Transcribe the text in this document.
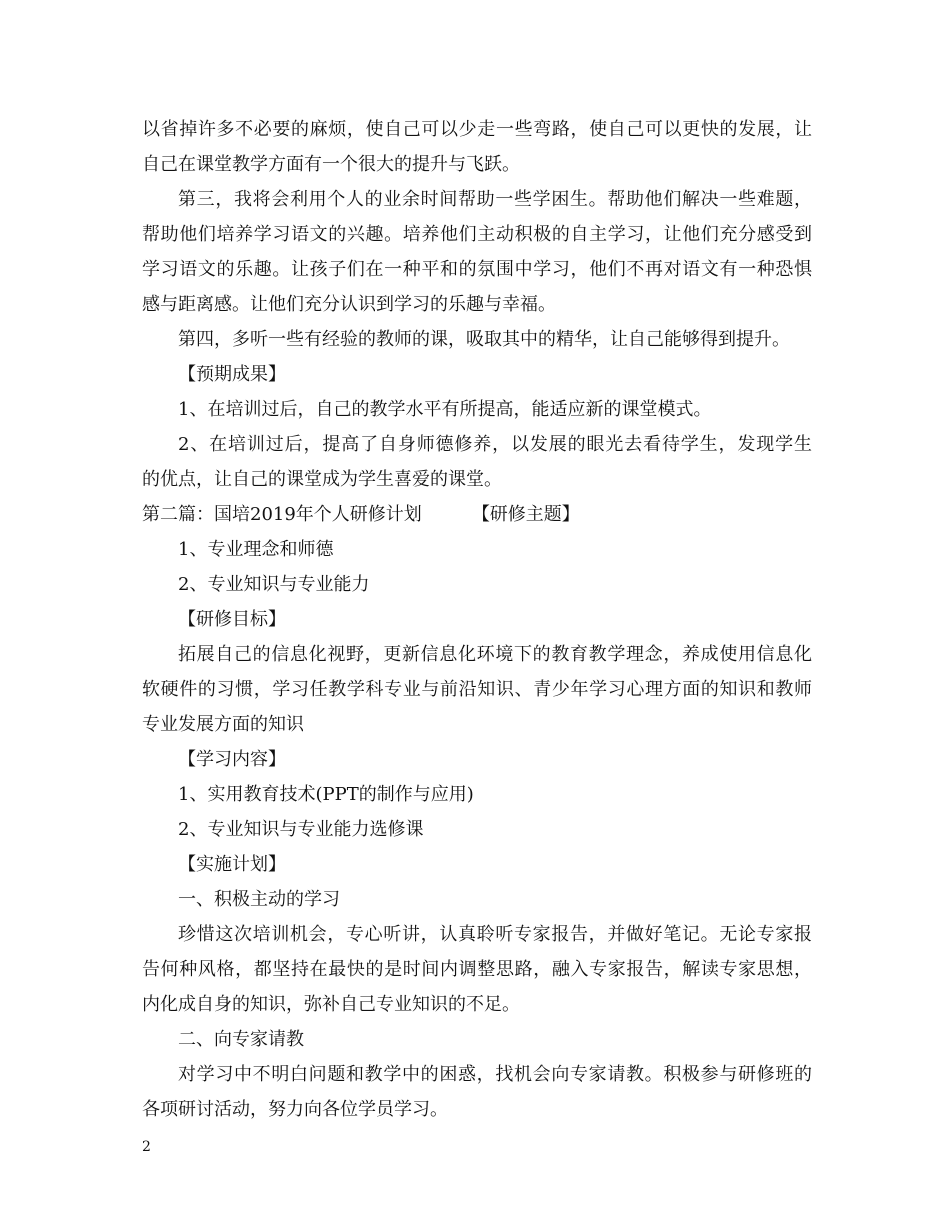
以省掉许多不必要的麻烦，使自己可以少走一些弯路，使自己可以更快的发展，让
自己在课堂教学方面有一个很大的提升与飞跃。
第三，我将会利用个人的业余时间帮助一些学困生。帮助他们解决一些难题，
帮助他们培养学习语文的兴趣。培养他们主动积极的自主学习，让他们充分感受到
学习语文的乐趣。让孩子们在一种平和的氛围中学习，他们不再对语文有一种恐惧
感与距离感。让他们充分认识到学习的乐趣与幸福。
第四，多听一些有经验的教师的课，吸取其中的精华，让自己能够得到提升。
【预期成果】
1、在培训过后，自己的教学水平有所提高，能适应新的课堂模式。
2、在培训过后，提高了自身师德修养，以发展的眼光去看待学生，发现学生
的优点，让自己的课堂成为学生喜爱的课堂。
第二篇：国培2019年个人研修计划	【研修主题】
1、专业理念和师德
2、专业知识与专业能力
【研修目标】
拓展自己的信息化视野，更新信息化环境下的教育教学理念，养成使用信息化
软硬件的习惯，学习任教学科专业与前沿知识、青少年学习心理方面的知识和教师
专业发展方面的知识
【学习内容】
1、实用教育技术(PPT的制作与应用)
2、专业知识与专业能力选修课
【实施计划】
一、积极主动的学习
珍惜这次培训机会，专心听讲，认真聆听专家报告，并做好笔记。无论专家报
告何种风格，都坚持在最快的是时间内调整思路，融入专家报告，解读专家思想，
内化成自身的知识，弥补自己专业知识的不足。
二、向专家请教
对学习中不明白问题和教学中的困惑，找机会向专家请教。积极参与研修班的
各项研讨活动，努力向各位学员学习。
2
